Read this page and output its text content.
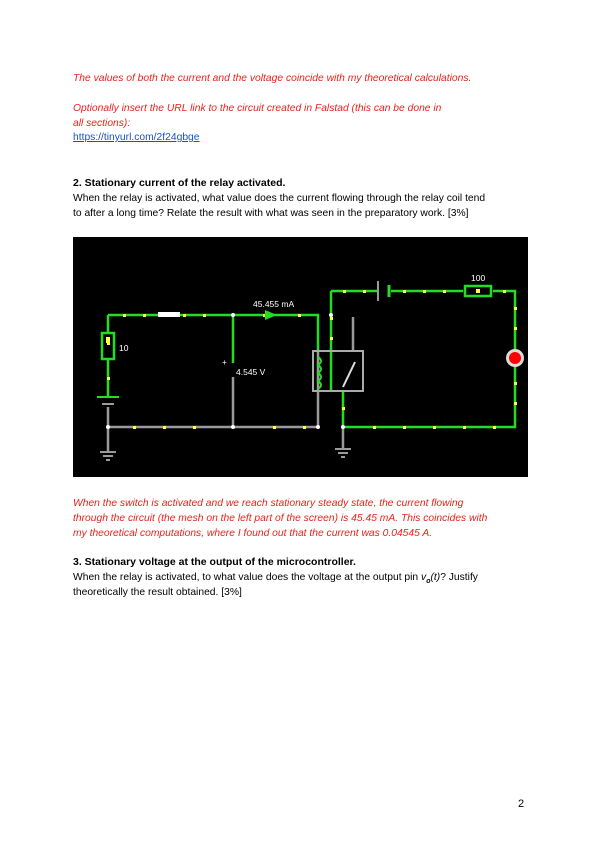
The values of both the current and the voltage coincide with my theoretical calculations.
Optionally insert the URL link to the circuit created in Falstad (this can be done in
all sections):
https://tinyurl.com/2f24gbge
2. Stationary current of the relay activated.
When the relay is activated, what value does the current flowing through the relay coil tend
to after a long time? Relate the result with what was seen in the preparatory work. [3%]
45.455 mA
4.545 V
+
10
100
When the switch is activated and we reach stationary steady state, the current flowing
through the circuit (the mesh on the left part of the screen) is 45.45 mA. This coincides with
my theoretical computations, where I found out that the current was 0.04545 A.
3. Stationary voltage at the output of the microcontroller.
When the relay is activated, to what value does the voltage at the output pin $v_o(t)$? Justify
theoretically the result obtained. [3%]
2
